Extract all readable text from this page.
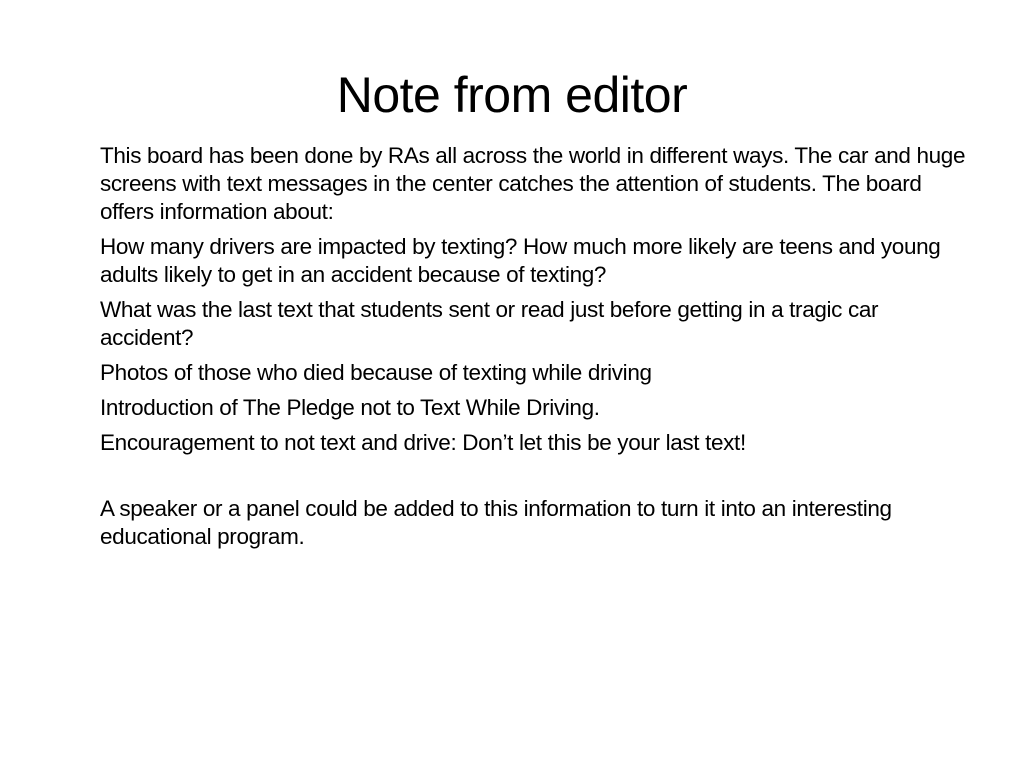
Note from editor

This board has been done by RAs all across the world in different ways. The car and huge screens with text messages in the center catches the attention of students. The board offers information about:

How many drivers are impacted by texting? How much more likely are teens and young adults likely to get in an accident because of texting?

What was the last text that students sent or read just before getting in a tragic car accident?

Photos of those who died because of texting while driving

Introduction of The Pledge not to Text While Driving.

Encouragement to not text and drive: Don’t let this be your last text!

A speaker or a panel could be added to this information to turn it into an interesting educational program.
